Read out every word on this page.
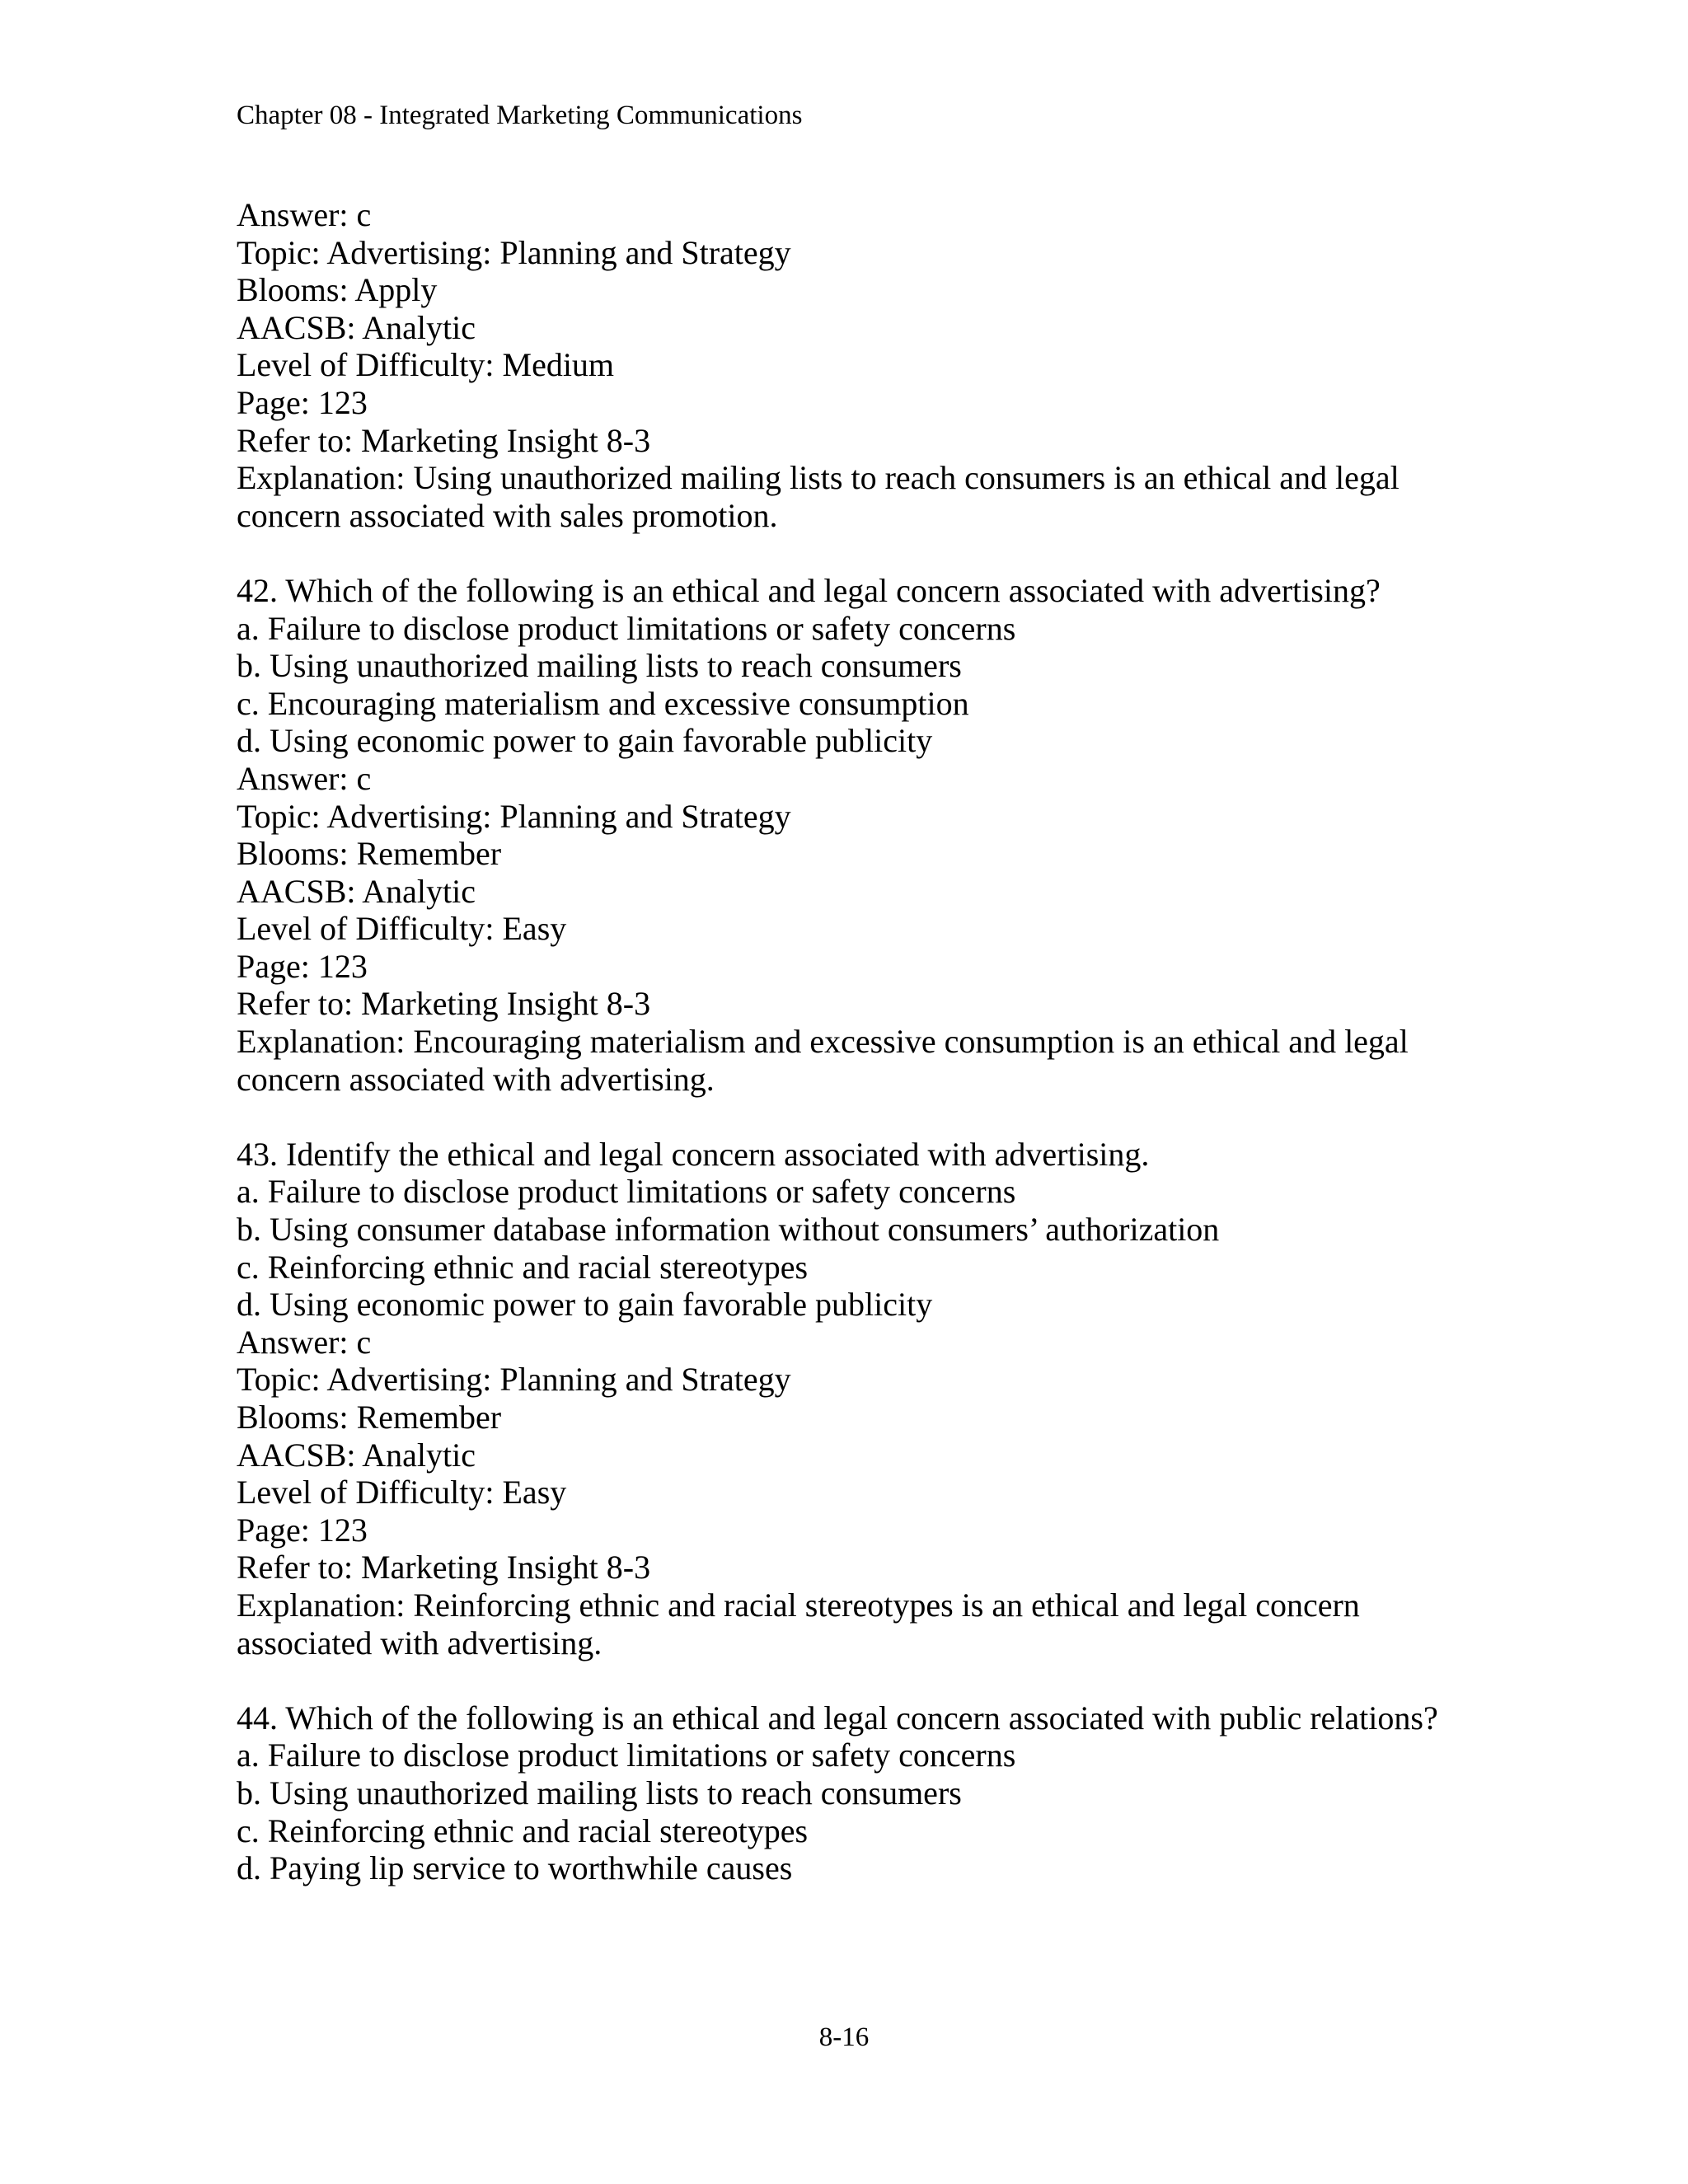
Chapter 08 - Integrated Marketing Communications
Answer: c
Topic: Advertising: Planning and Strategy
Blooms: Apply
AACSB: Analytic
Level of Difficulty: Medium
Page: 123
Refer to: Marketing Insight 8-3
Explanation: Using unauthorized mailing lists to reach consumers is an ethical and legal
concern associated with sales promotion.
42. Which of the following is an ethical and legal concern associated with advertising?
a. Failure to disclose product limitations or safety concerns
b. Using unauthorized mailing lists to reach consumers
c. Encouraging materialism and excessive consumption
d. Using economic power to gain favorable publicity
Answer: c
Topic: Advertising: Planning and Strategy
Blooms: Remember
AACSB: Analytic
Level of Difficulty: Easy
Page: 123
Refer to: Marketing Insight 8-3
Explanation: Encouraging materialism and excessive consumption is an ethical and legal
concern associated with advertising.
43. Identify the ethical and legal concern associated with advertising.
a. Failure to disclose product limitations or safety concerns
b. Using consumer database information without consumers’ authorization
c. Reinforcing ethnic and racial stereotypes
d. Using economic power to gain favorable publicity
Answer: c
Topic: Advertising: Planning and Strategy
Blooms: Remember
AACSB: Analytic
Level of Difficulty: Easy
Page: 123
Refer to: Marketing Insight 8-3
Explanation: Reinforcing ethnic and racial stereotypes is an ethical and legal concern
associated with advertising.
44. Which of the following is an ethical and legal concern associated with public relations?
a. Failure to disclose product limitations or safety concerns
b. Using unauthorized mailing lists to reach consumers
c. Reinforcing ethnic and racial stereotypes
d. Paying lip service to worthwhile causes
8-16
